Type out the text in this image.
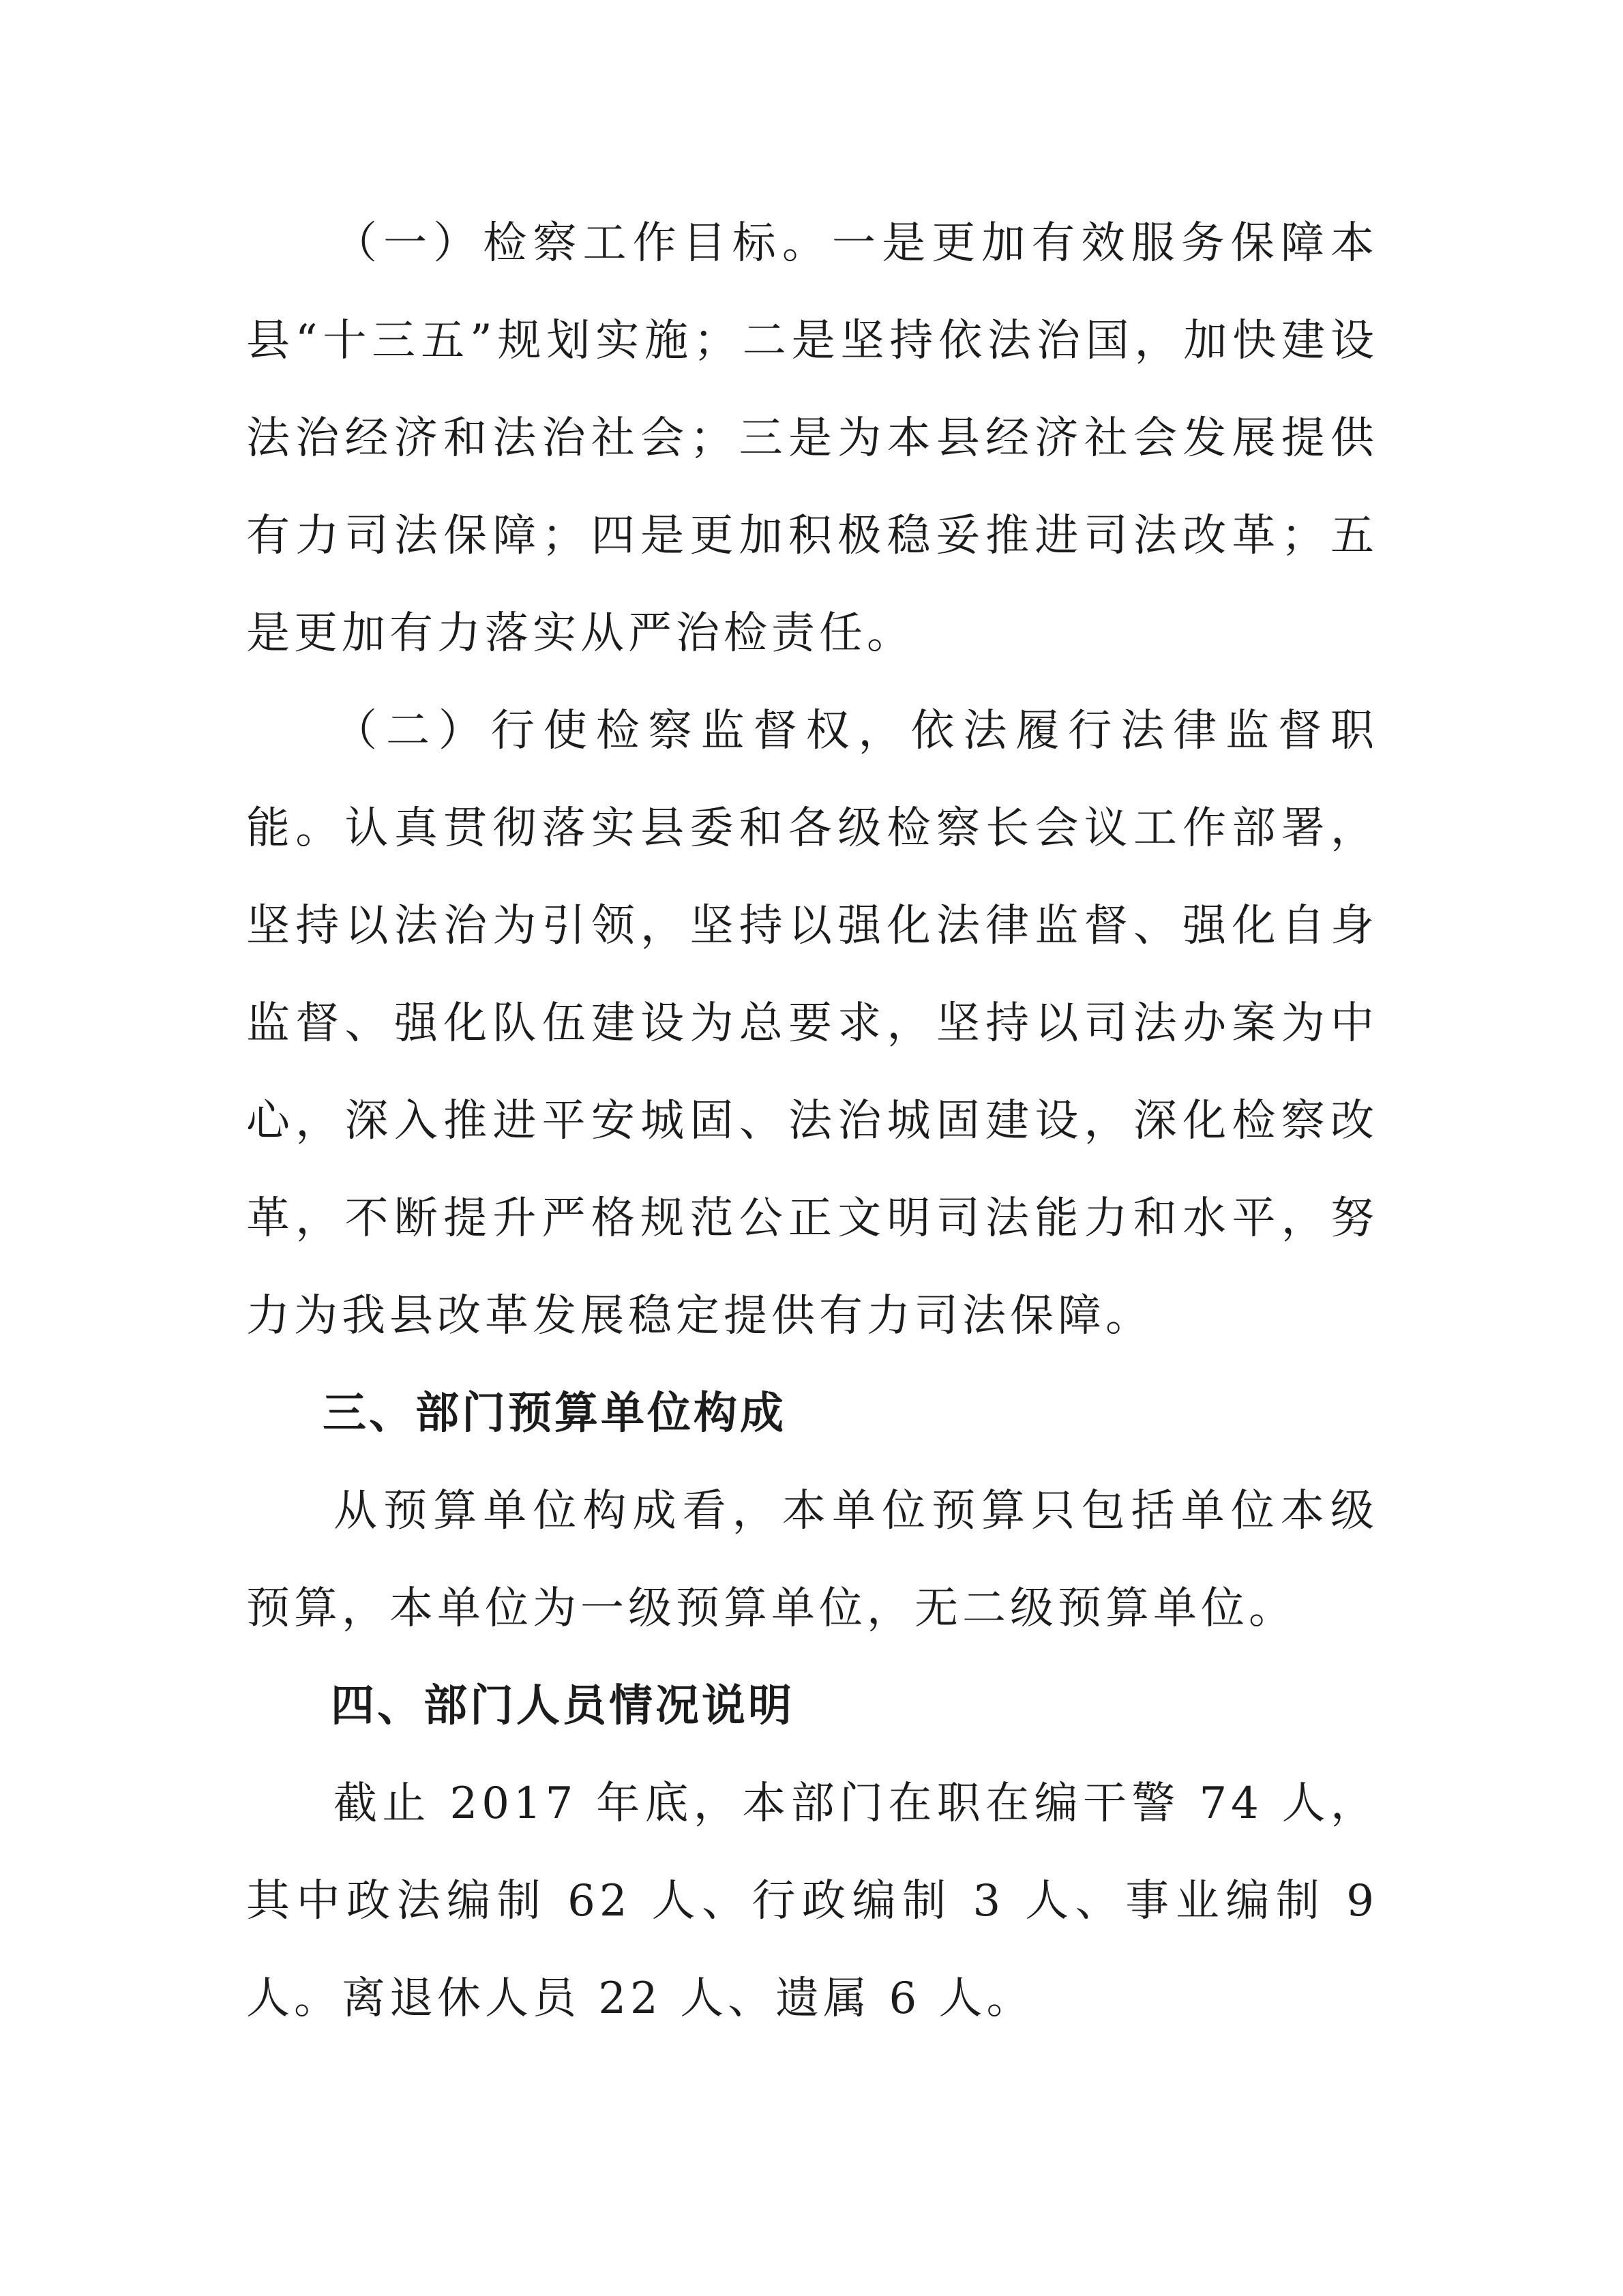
（一）检察工作目标。一是更加有效服务保障本县“十三五”规划实施；二是坚持依法治国，加快建设法治经济和法治社会；三是为本县经济社会发展提供有力司法保障；四是更加积极稳妥推进司法改革；五是更加有力落实从严治检责任。

（二）行使检察监督权，依法履行法律监督职能。认真贯彻落实县委和各级检察长会议工作部署，坚持以法治为引领，坚持以强化法律监督、强化自身监督、强化队伍建设为总要求，坚持以司法办案为中心，深入推进平安城固、法治城固建设，深化检察改革，不断提升严格规范公正文明司法能力和水平，努力为我县改革发展稳定提供有力司法保障。

三、部门预算单位构成

从预算单位构成看，本单位预算只包括单位本级预算，本单位为一级预算单位，无二级预算单位。

四、部门人员情况说明

截止 2017 年底，本部门在职在编干警 74 人，其中政法编制 62 人、行政编制 3 人、事业编制 9 人。离退休人员 22 人、遗属 6 人。
